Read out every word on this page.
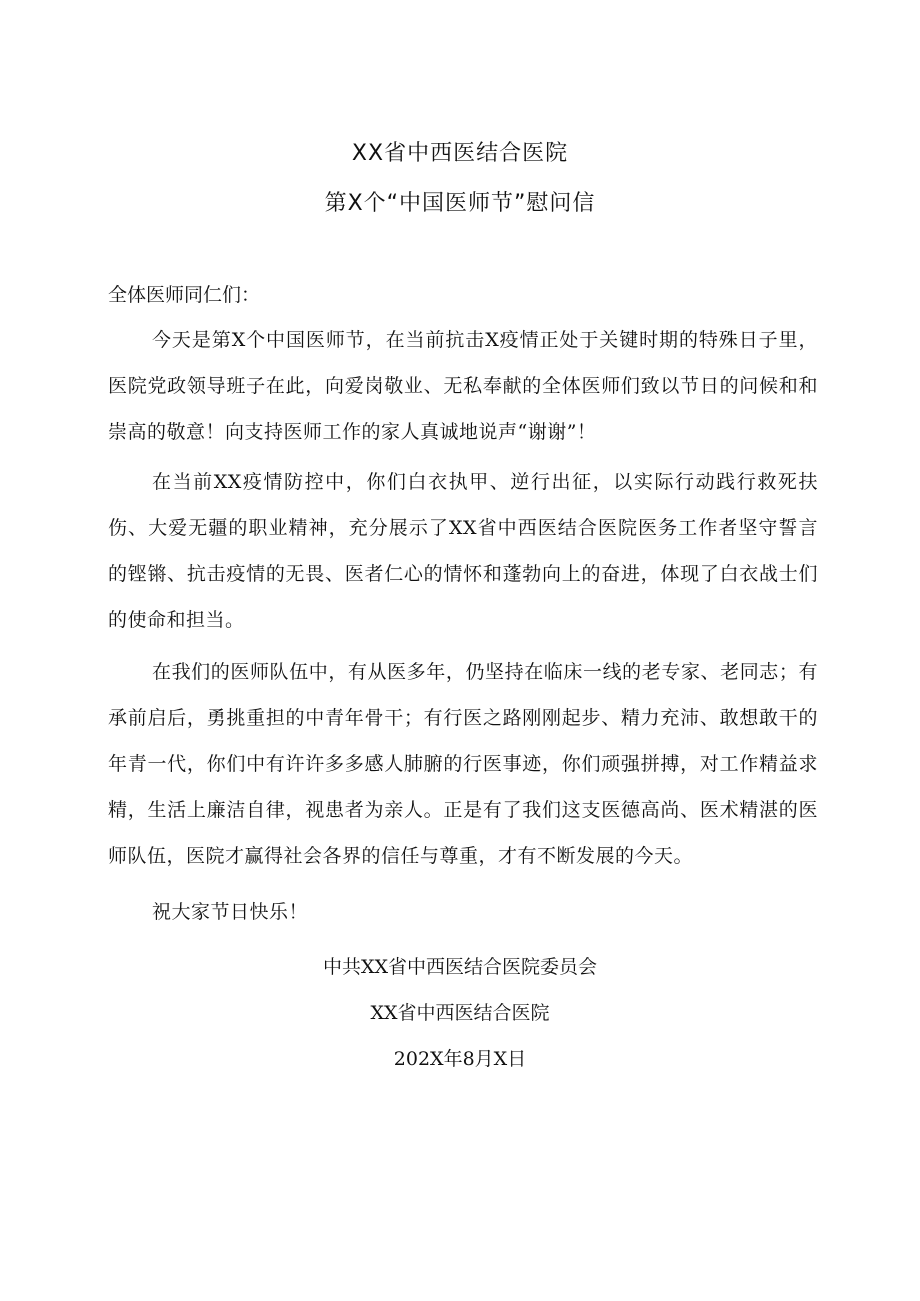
XX省中西医结合医院
第X个“中国医师节”慰问信
全体医师同仁们：

今天是第X个中国医师节，在当前抗击X疫情正处于关键时期的特殊日子里，医院党政领导班子在此，向爱岗敬业、无私奉献的全体医师们致以节日的问候和和崇高的敬意！向支持医师工作的家人真诚地说声“谢谢”！

在当前XX疫情防控中，你们白衣执甲、逆行出征，以实际行动践行救死扶伤、大爱无疆的职业精神，充分展示了XX省中西医结合医院医务工作者坚守誓言的铿锵、抗击疫情的无畏、医者仁心的情怀和蓬勃向上的奋进，体现了白衣战士们的使命和担当。

在我们的医师队伍中，有从医多年，仍坚持在临床一线的老专家、老同志；有承前启后，勇挑重担的中青年骨干；有行医之路刚刚起步、精力充沛、敢想敢干的年青一代，你们中有许许多多感人肺腑的行医事迹，你们顽强拼搏，对工作精益求精，生活上廉洁自律，视患者为亲人。正是有了我们这支医德高尚、医术精湛的医师队伍，医院才赢得社会各界的信任与尊重，才有不断发展的今天。

祝大家节日快乐！

中共XX省中西医结合医院委员会
XX省中西医结合医院
202X年8月X日
